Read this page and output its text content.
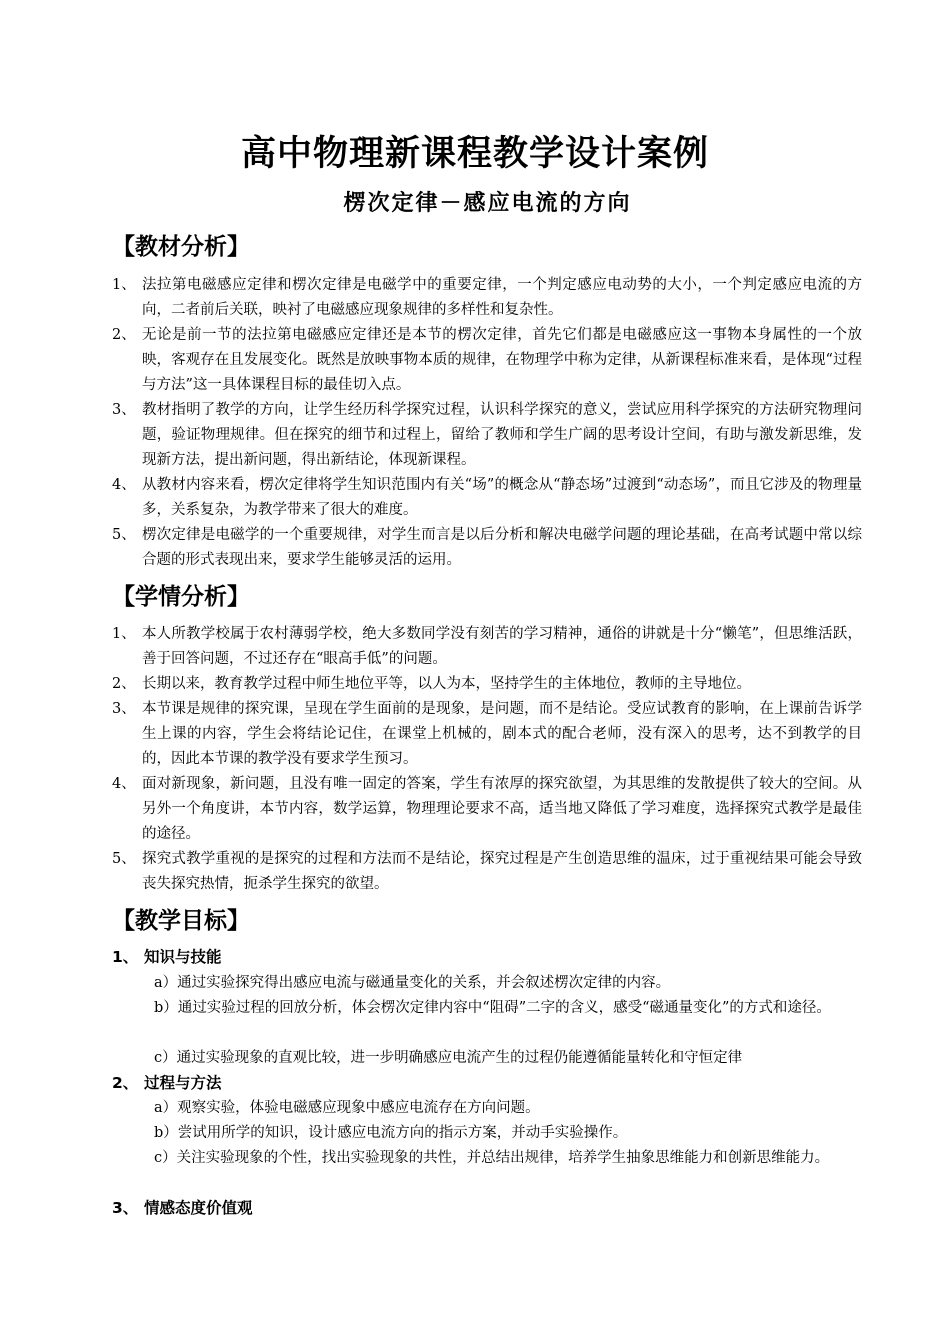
高中物理新课程教学设计案例
楞次定律－感应电流的方向
【教材分析】
1、 法拉第电磁感应定律和楞次定律是电磁学中的重要定律，一个判定感应电动势的大小，一个判定感应电流的方向，二者前后关联，映衬了电磁感应现象规律的多样性和复杂性。
2、 无论是前一节的法拉第电磁感应定律还是本节的楞次定律，首先它们都是电磁感应这一事物本身属性的一个放映，客观存在且发展变化。既然是放映事物本质的规律，在物理学中称为定律，从新课程标准来看，是体现“过程与方法”这一具体课程目标的最佳切入点。
3、 教材指明了教学的方向，让学生经历科学探究过程，认识科学探究的意义，尝试应用科学探究的方法研究物理问题，验证物理规律。但在探究的细节和过程上，留给了教师和学生广阔的思考设计空间，有助与激发新思维，发现新方法，提出新问题，得出新结论，体现新课程。
4、 从教材内容来看，楞次定律将学生知识范围内有关“场”的概念从“静态场”过渡到“动态场”，而且它涉及的物理量多，关系复杂，为教学带来了很大的难度。
5、 楞次定律是电磁学的一个重要规律，对学生而言是以后分析和解决电磁学问题的理论基础，在高考试题中常以综合题的形式表现出来，要求学生能够灵活的运用。
【学情分析】
1、 本人所教学校属于农村薄弱学校，绝大多数同学没有刻苦的学习精神，通俗的讲就是十分“懒笔”，但思维活跃，善于回答问题，不过还存在“眼高手低”的问题。
2、 长期以来，教育教学过程中师生地位平等，以人为本，坚持学生的主体地位，教师的主导地位。
3、 本节课是规律的探究课，呈现在学生面前的是现象，是问题，而不是结论。受应试教育的影响，在上课前告诉学生上课的内容，学生会将结论记住，在课堂上机械的，剧本式的配合老师，没有深入的思考，达不到教学的目的，因此本节课的教学没有要求学生预习。
4、 面对新现象，新问题，且没有唯一固定的答案，学生有浓厚的探究欲望，为其思维的发散提供了较大的空间。从另外一个角度讲，本节内容，数学运算，物理理论要求不高，适当地又降低了学习难度，选择探究式教学是最佳的途径。
5、 探究式教学重视的是探究的过程和方法而不是结论，探究过程是产生创造思维的温床，过于重视结果可能会导致丧失探究热情，扼杀学生探究的欲望。
【教学目标】
1、 知识与技能
a）通过实验探究得出感应电流与磁通量变化的关系，并会叙述楞次定律的内容。
b）通过实验过程的回放分析，体会楞次定律内容中“阻碍”二字的含义，感受“磁通量变化”的方式和途径。
c）通过实验现象的直观比较，进一步明确感应电流产生的过程仍能遵循能量转化和守恒定律
2、 过程与方法
a）观察实验，体验电磁感应现象中感应电流存在方向问题。
b）尝试用所学的知识，设计感应电流方向的指示方案，并动手实验操作。
c）关注实验现象的个性，找出实验现象的共性，并总结出规律，培养学生抽象思维能力和创新思维能力。
3、 情感态度价值观
